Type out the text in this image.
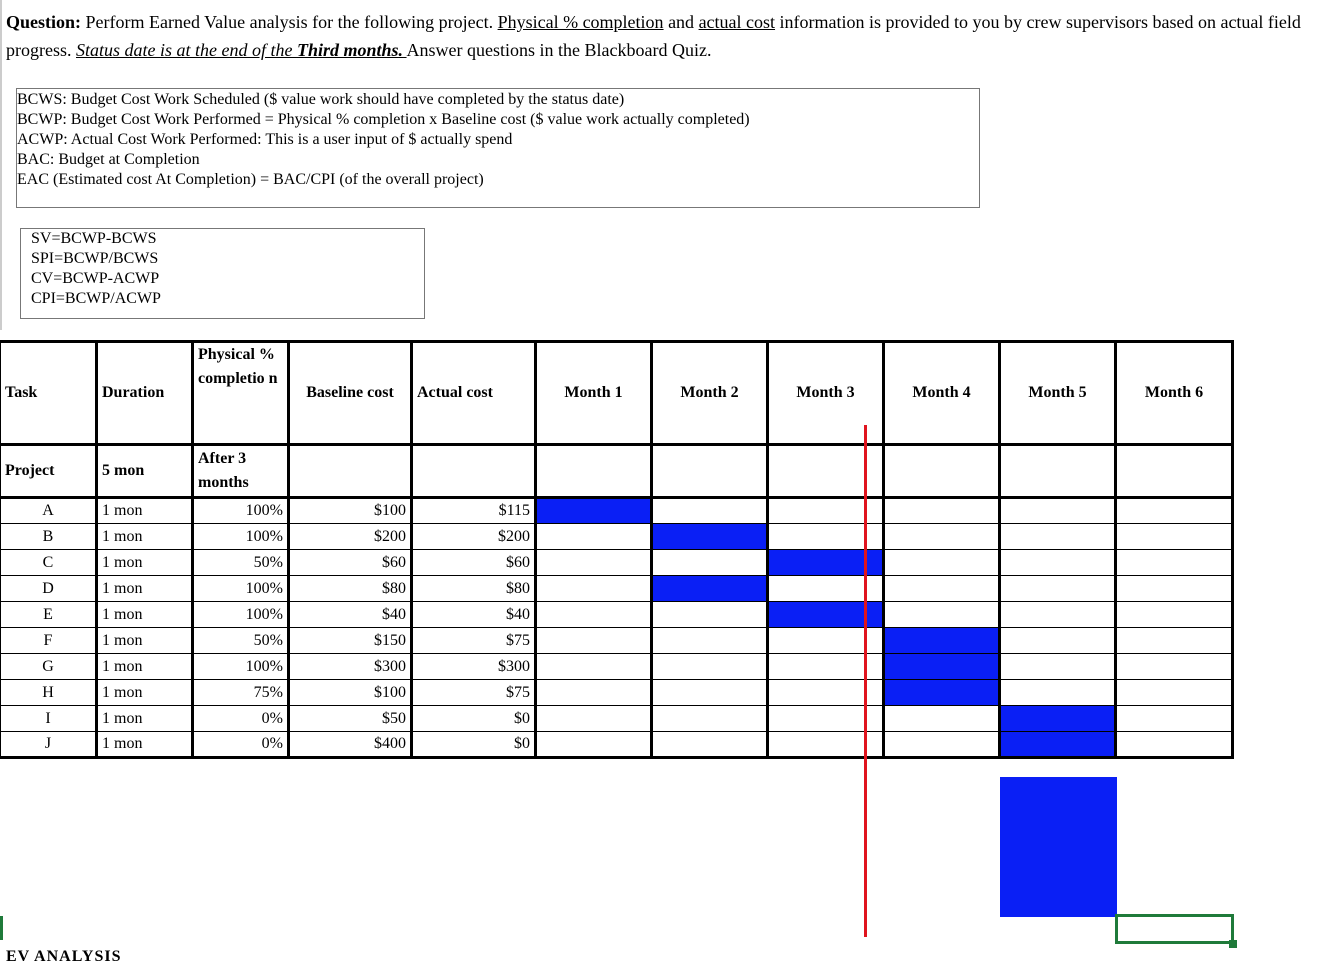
Question: Perform Earned Value analysis for the following project. Physical % completion and actual cost information is provided to you by crew supervisors based on actual field progress. Status date is at the end of the Third months. Answer questions in the Blackboard Quiz.
BCWS: Budget Cost Work Scheduled ($ value work should have completed by the status date)
BCWP: Budget Cost Work Performed = Physical % completion x Baseline cost ($ value work actually completed)
ACWP: Actual Cost Work Performed: This is a user input of $ actually spend
BAC: Budget at Completion
EAC (Estimated cost At Completion) = BAC/CPI (of the overall project)
SV=BCWP-BCWS
SPI=BCWP/BCWS
CV=BCWP-ACWP
CPI=BCWP/ACWP
Task	Duration	Physical % completio n	Baseline cost	Actual cost	Month 1	Month 2	Month 3	Month 4	Month 5	Month 6
Project	5 mon	After 3 months								
A	1 mon	100%	$100	$115						
B	1 mon	100%	$200	$200						
C	1 mon	50%	$60	$60						
D	1 mon	100%	$80	$80						
E	1 mon	100%	$40	$40						
F	1 mon	50%	$150	$75						
G	1 mon	100%	$300	$300						
H	1 mon	75%	$100	$75						
I	1 mon	0%	$50	$0						
J	1 mon	0%	$400	$0						
EV ANALYSIS
